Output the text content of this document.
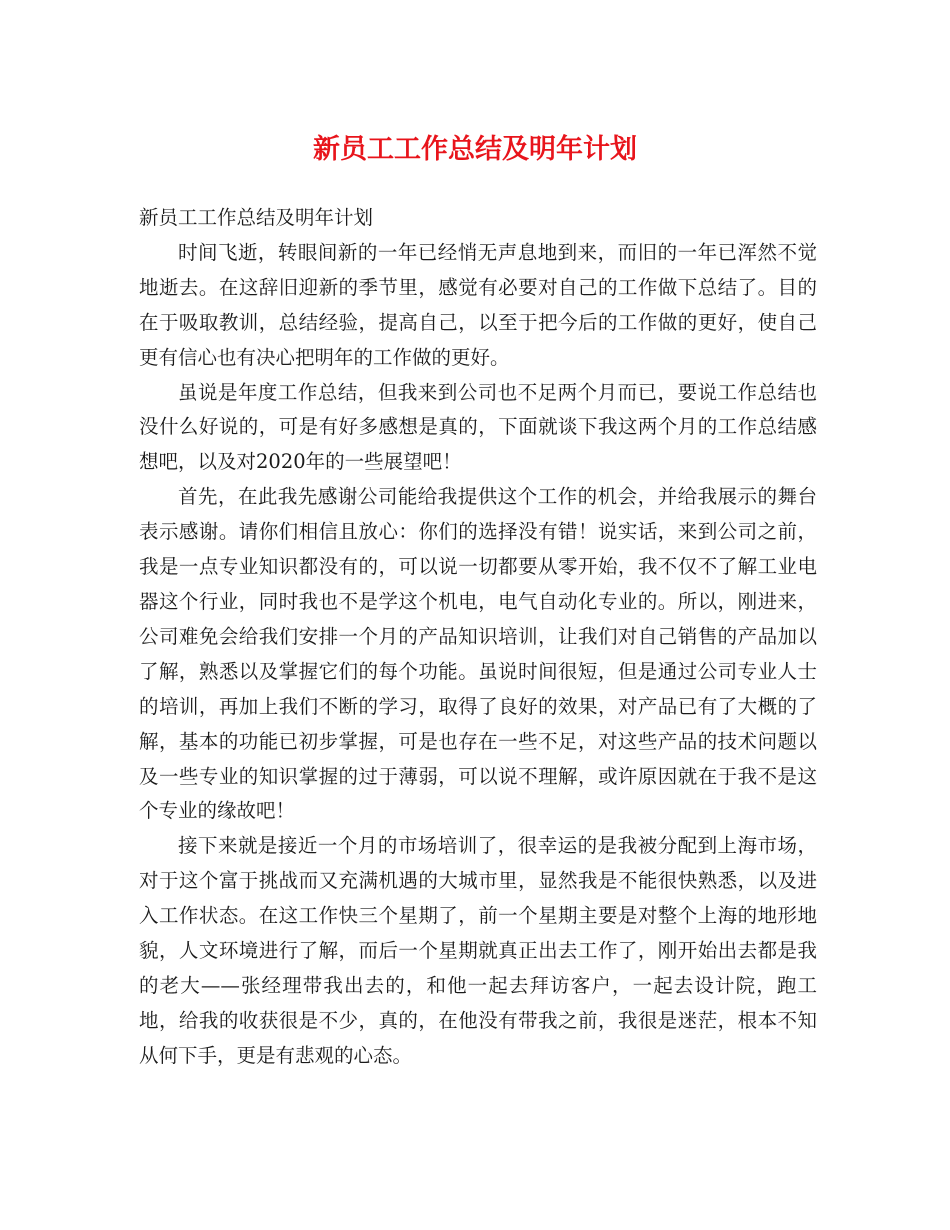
新员工工作总结及明年计划

新员工工作总结及明年计划

时间飞逝，转眼间新的一年已经悄无声息地到来，而旧的一年已浑然不觉地逝去。在这辞旧迎新的季节里，感觉有必要对自己的工作做下总结了。目的在于吸取教训，总结经验，提高自己，以至于把今后的工作做的更好，使自己更有信心也有决心把明年的工作做的更好。

虽说是年度工作总结，但我来到公司也不足两个月而已，要说工作总结也没什么好说的，可是有好多感想是真的，下面就谈下我这两个月的工作总结感想吧，以及对2020年的一些展望吧！

首先，在此我先感谢公司能给我提供这个工作的机会，并给我展示的舞台表示感谢。请你们相信且放心：你们的选择没有错！说实话，来到公司之前，我是一点专业知识都没有的，可以说一切都要从零开始，我不仅不了解工业电器这个行业，同时我也不是学这个机电，电气自动化专业的。所以，刚进来，公司难免会给我们安排一个月的产品知识培训，让我们对自己销售的产品加以了解，熟悉以及掌握它们的每个功能。虽说时间很短，但是通过公司专业人士的培训，再加上我们不断的学习，取得了良好的效果，对产品已有了大概的了解，基本的功能已初步掌握，可是也存在一些不足，对这些产品的技术问题以及一些专业的知识掌握的过于薄弱，可以说不理解，或许原因就在于我不是这个专业的缘故吧！

接下来就是接近一个月的市场培训了，很幸运的是我被分配到上海市场，对于这个富于挑战而又充满机遇的大城市里，显然我是不能很快熟悉，以及进入工作状态。在这工作快三个星期了，前一个星期主要是对整个上海的地形地貌，人文环境进行了解，而后一个星期就真正出去工作了，刚开始出去都是我的老大——张经理带我出去的，和他一起去拜访客户，一起去设计院，跑工地，给我的收获很是不少，真的，在他没有带我之前，我很是迷茫，根本不知从何下手，更是有悲观的心态。
